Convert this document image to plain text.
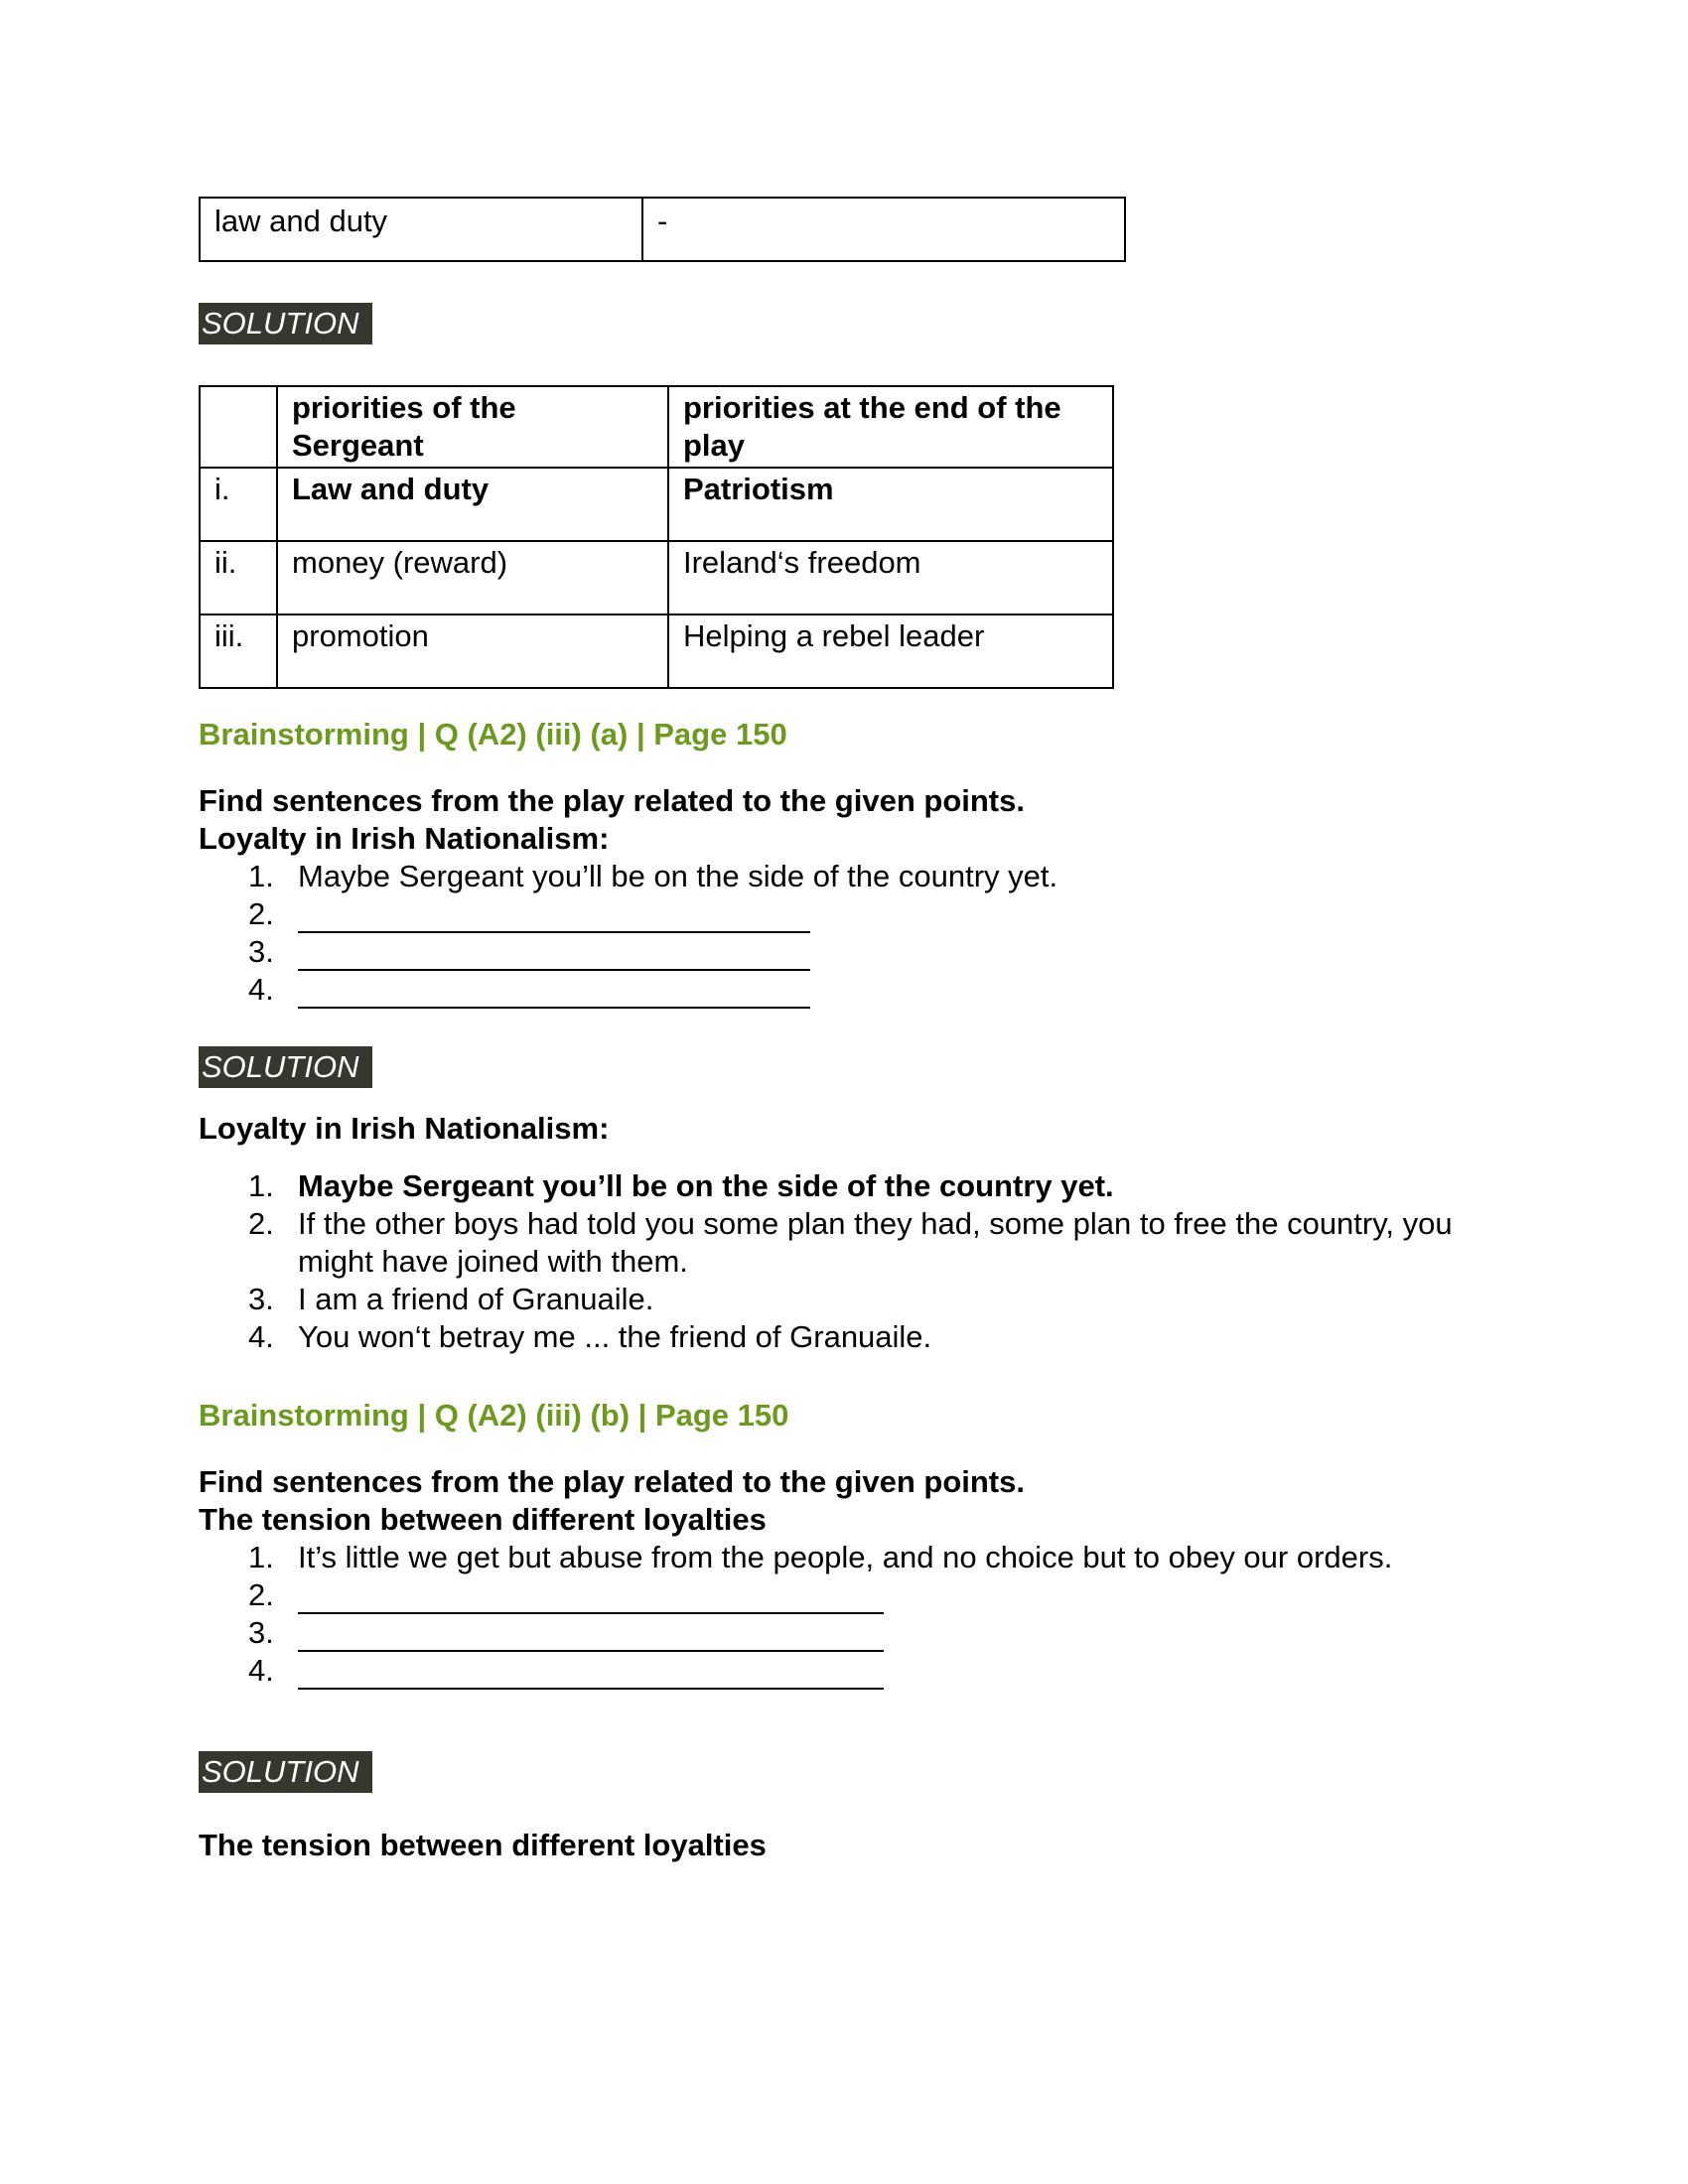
law and duty	-
SOLUTION
	priorities of the Sergeant	priorities at the end of the play
i.	Law and duty	Patriotism
ii.	money (reward)	Ireland‘s freedom
iii.	promotion	Helping a rebel leader
Brainstorming | Q (A2) (iii) (a) | Page 150
Find sentences from the play related to the given points.
Loyalty in Irish Nationalism:
1. Maybe Sergeant you’ll be on the side of the country yet.
2.
3.
4.
SOLUTION
Loyalty in Irish Nationalism:
1. Maybe Sergeant you’ll be on the side of the country yet.
2. If the other boys had told you some plan they had, some plan to free the country, you might have joined with them.
3. I am a friend of Granuaile.
4. You won‘t betray me ... the friend of Granuaile.
Brainstorming | Q (A2) (iii) (b) | Page 150
Find sentences from the play related to the given points.
The tension between different loyalties
1. It’s little we get but abuse from the people, and no choice but to obey our orders.
2.
3.
4.
SOLUTION
The tension between different loyalties
